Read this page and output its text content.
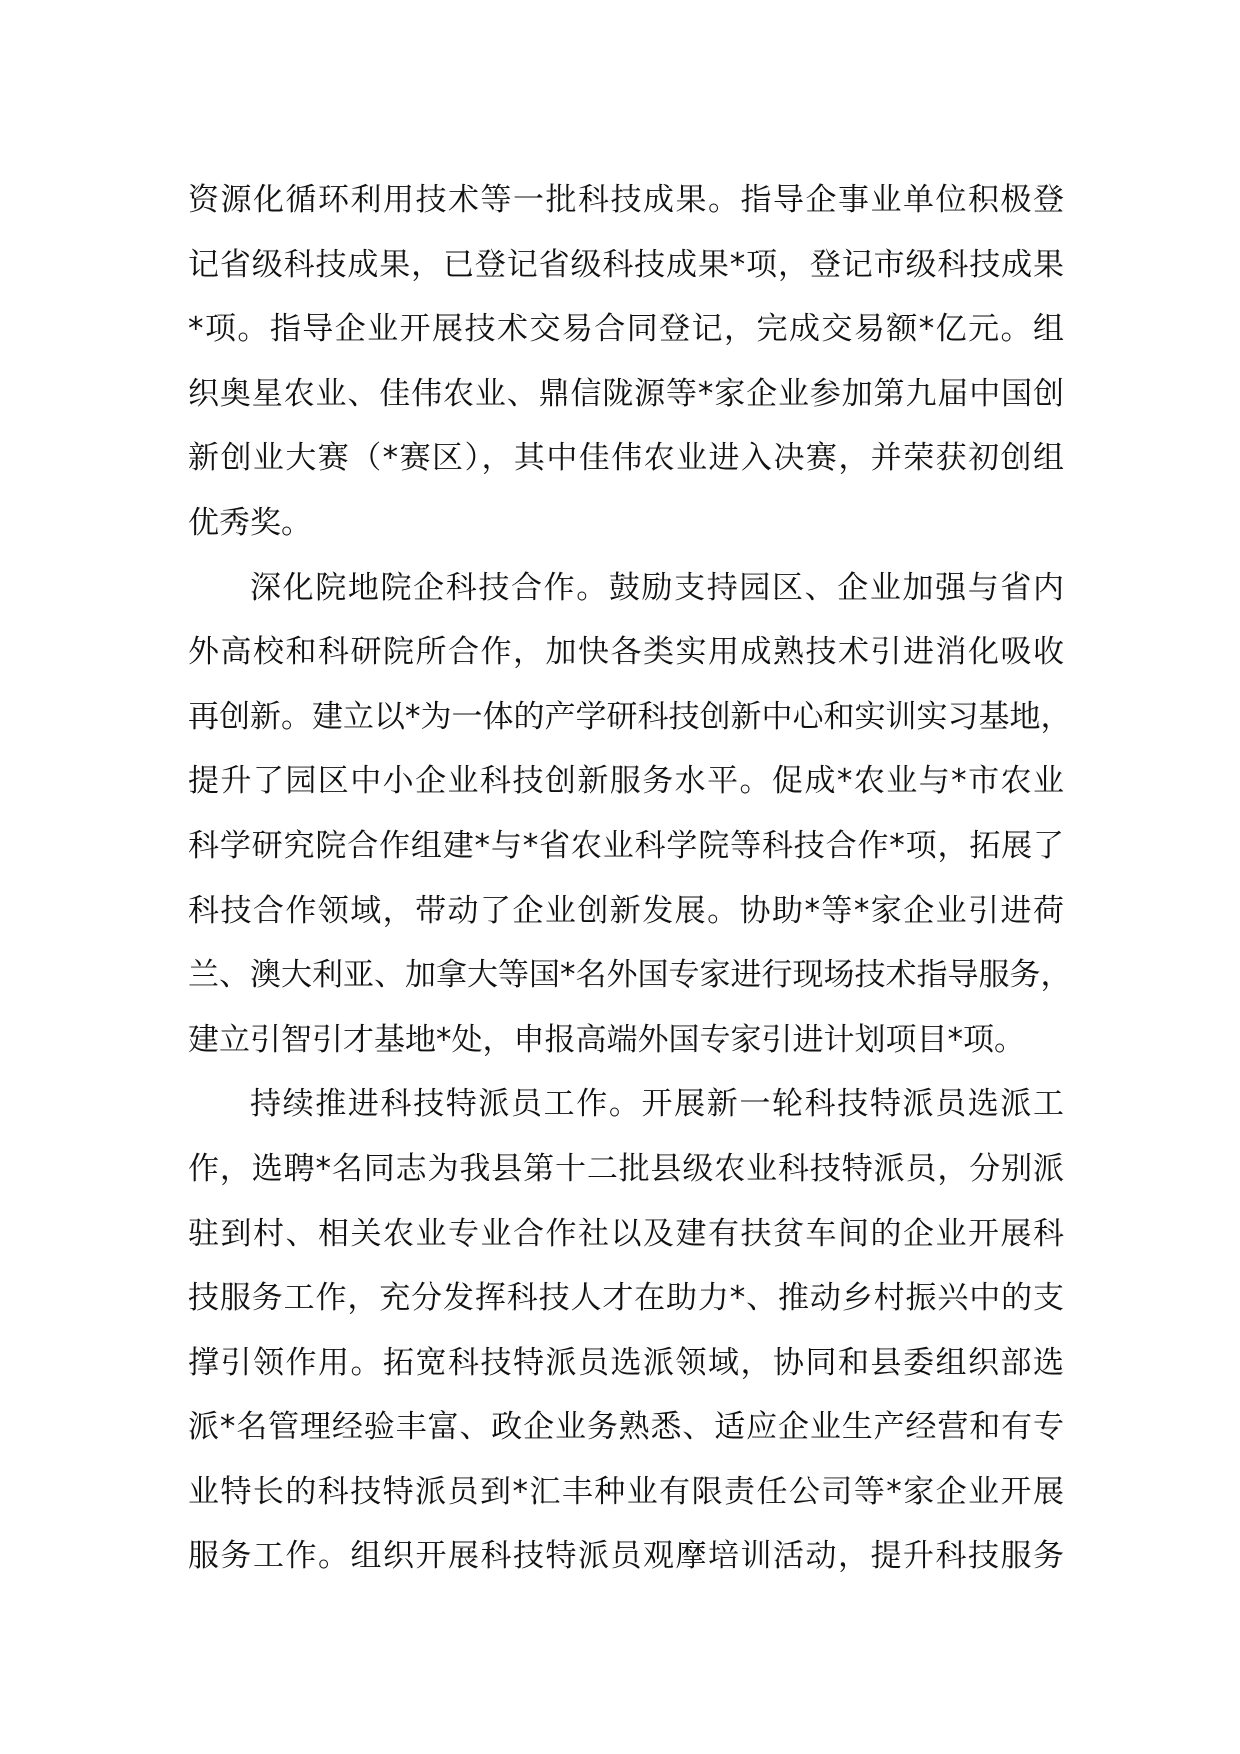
资源化循环利用技术等一批科技成果。指导企事业单位积极登
记省级科技成果，已登记省级科技成果*项，登记市级科技成果
*项。指导企业开展技术交易合同登记，完成交易额*亿元。组
织奥星农业、佳伟农业、鼎信陇源等*家企业参加第九届中国创
新创业大赛（*赛区），其中佳伟农业进入决赛，并荣获初创组
优秀奖。
深化院地院企科技合作。鼓励支持园区、企业加强与省内
外高校和科研院所合作，加快各类实用成熟技术引进消化吸收
再创新。建立以*为一体的产学研科技创新中心和实训实习基地，
提升了园区中小企业科技创新服务水平。促成*农业与*市农业
科学研究院合作组建*与*省农业科学院等科技合作*项，拓展了
科技合作领域，带动了企业创新发展。协助*等*家企业引进荷
兰、澳大利亚、加拿大等国*名外国专家进行现场技术指导服务，
建立引智引才基地*处，申报高端外国专家引进计划项目*项。
持续推进科技特派员工作。开展新一轮科技特派员选派工
作，选聘*名同志为我县第十二批县级农业科技特派员，分别派
驻到村、相关农业专业合作社以及建有扶贫车间的企业开展科
技服务工作，充分发挥科技人才在助力*、推动乡村振兴中的支
撑引领作用。拓宽科技特派员选派领域，协同和县委组织部选
派*名管理经验丰富、政企业务熟悉、适应企业生产经营和有专
业特长的科技特派员到*汇丰种业有限责任公司等*家企业开展
服务工作。组织开展科技特派员观摩培训活动，提升科技服务
